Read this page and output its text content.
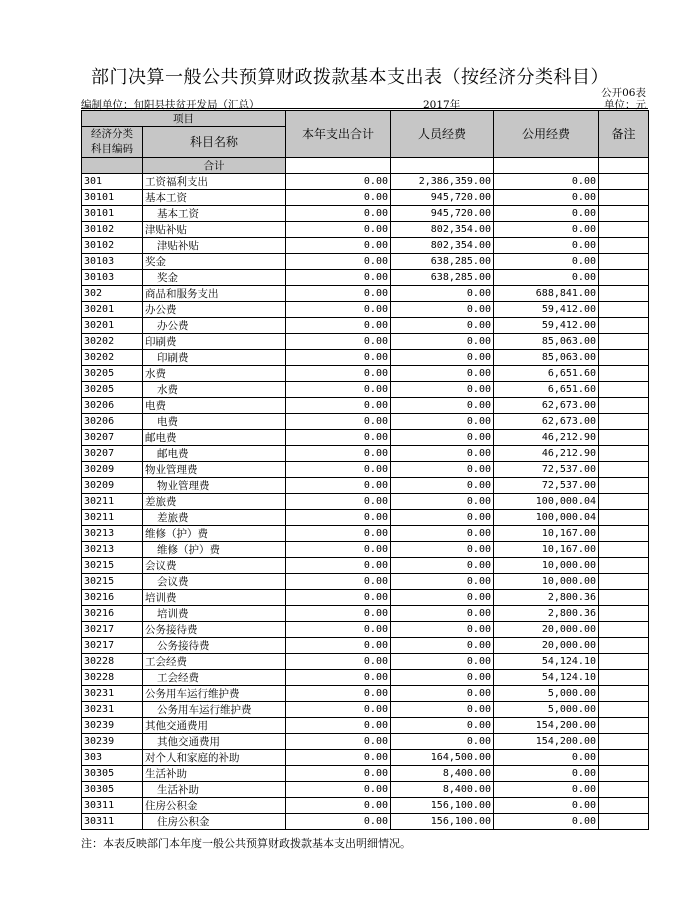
部门决算一般公共预算财政拨款基本支出表（按经济分类科目）
公开06表
编制单位：旬阳县扶贫开发局（汇总）	2017年	单位：元
项目		本年支出合计	人员经费	公用经费	备注
经济分类科目编码	科目名称				
	合计				
301	工资福利支出	0.00	2,386,359.00	0.00	
30101	基本工资	0.00	945,720.00	0.00	
30101	基本工资	0.00	945,720.00	0.00	
30102	津贴补贴	0.00	802,354.00	0.00	
30102	津贴补贴	0.00	802,354.00	0.00	
30103	奖金	0.00	638,285.00	0.00	
30103	奖金	0.00	638,285.00	0.00	
302	商品和服务支出	0.00	0.00	688,841.00	
30201	办公费	0.00	0.00	59,412.00	
30201	办公费	0.00	0.00	59,412.00	
30202	印刷费	0.00	0.00	85,063.00	
30202	印刷费	0.00	0.00	85,063.00	
30205	水费	0.00	0.00	6,651.60	
30205	水费	0.00	0.00	6,651.60	
30206	电费	0.00	0.00	62,673.00	
30206	电费	0.00	0.00	62,673.00	
30207	邮电费	0.00	0.00	46,212.90	
30207	邮电费	0.00	0.00	46,212.90	
30209	物业管理费	0.00	0.00	72,537.00	
30209	物业管理费	0.00	0.00	72,537.00	
30211	差旅费	0.00	0.00	100,000.04	
30211	差旅费	0.00	0.00	100,000.04	
30213	维修（护）费	0.00	0.00	10,167.00	
30213	维修（护）费	0.00	0.00	10,167.00	
30215	会议费	0.00	0.00	10,000.00	
30215	会议费	0.00	0.00	10,000.00	
30216	培训费	0.00	0.00	2,800.36	
30216	培训费	0.00	0.00	2,800.36	
30217	公务接待费	0.00	0.00	20,000.00	
30217	公务接待费	0.00	0.00	20,000.00	
30228	工会经费	0.00	0.00	54,124.10	
30228	工会经费	0.00	0.00	54,124.10	
30231	公务用车运行维护费	0.00	0.00	5,000.00	
30231	公务用车运行维护费	0.00	0.00	5,000.00	
30239	其他交通费用	0.00	0.00	154,200.00	
30239	其他交通费用	0.00	0.00	154,200.00	
303	对个人和家庭的补助	0.00	164,500.00	0.00	
30305	生活补助	0.00	8,400.00	0.00	
30305	生活补助	0.00	8,400.00	0.00	
30311	住房公积金	0.00	156,100.00	0.00	
30311	住房公积金	0.00	156,100.00	0.00	
注：本表反映部门本年度一般公共预算财政拨款基本支出明细情况。
